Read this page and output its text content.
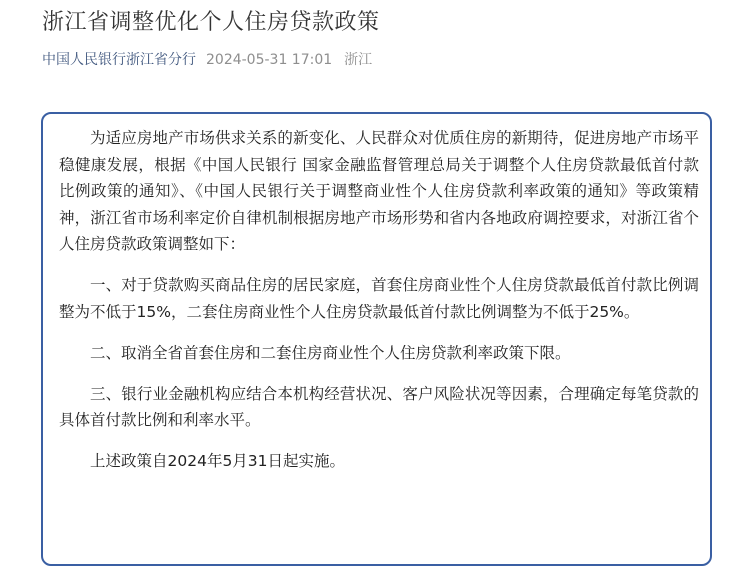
浙江省调整优化个人住房贷款政策
中国人民银行浙江省分行 2024-05-31 17:01 浙江

为适应房地产市场供求关系的新变化、人民群众对优质住房的新期待，促进房地产市场平稳健康发展，根据《中国人民银行 国家金融监督管理总局关于调整个人住房贷款最低首付款比例政策的通知》、《中国人民银行关于调整商业性个人住房贷款利率政策的通知》等政策精神，浙江省市场利率定价自律机制根据房地产市场形势和省内各地政府调控要求，对浙江省个人住房贷款政策调整如下：

一、对于贷款购买商品住房的居民家庭，首套住房商业性个人住房贷款最低首付款比例调整为不低于15%，二套住房商业性个人住房贷款最低首付款比例调整为不低于25%。

二、取消全省首套住房和二套住房商业性个人住房贷款利率政策下限。

三、银行业金融机构应结合本机构经营状况、客户风险状况等因素，合理确定每笔贷款的具体首付款比例和利率水平。

上述政策自2024年5月31日起实施。
